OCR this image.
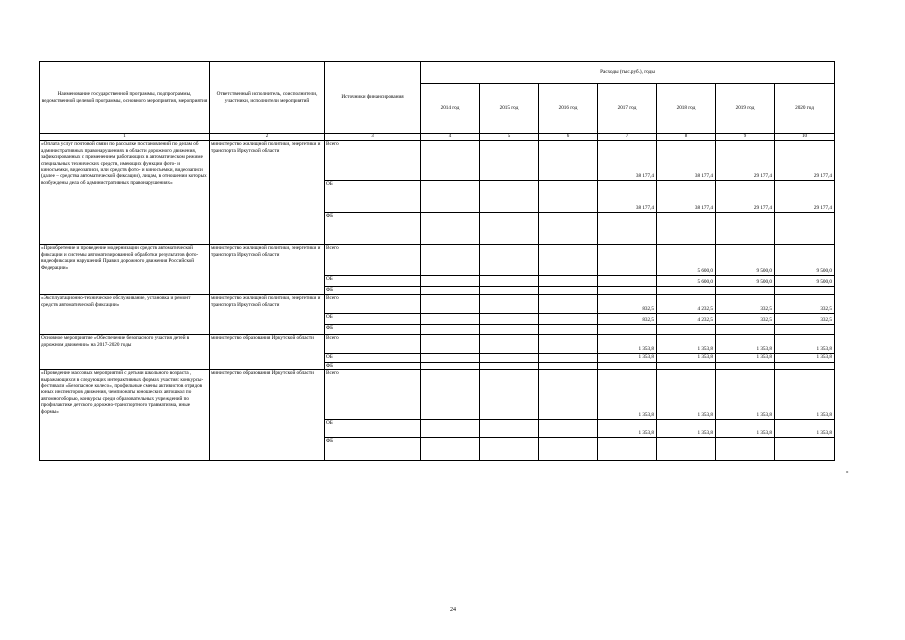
Наименование государственной программы, подпрограммы, ведомственной целевой программы, основного мероприятия, мероприятия	Ответственный исполнитель, соисполнители, участники, исполнители мероприятий	Источники финансирования	Расходы (тыс.руб.), годы						
			2014 год	2015 год	2016 год	2017 год	2018 год	2019 год	2020 год
1	2	3	4	5	6	7	8	9	10
«Оплата услуг почтовой связи по рассылке постановлений по делам об административных правонарушениях в области дорожного движения, зафиксированных с применением работающих в автоматическом режиме специальных технических средств, имеющих функции фото- и киносъемки, видеозаписи, или средств фото- и киносъемки, видеозаписи (далее – средства автоматической фиксации), лицам, в отношении которых возбуждены дела об административных правонарушениях»	министерство жилищной политики, энергетики и транспорта Иркутской области	Всего				38 177,4	38 177,4	29 177,4	29 177,4
		ОБ				38 177,4	38 177,4	29 177,4	29 177,4
		ФБ							
«Приобретение и проведение модернизации средств автоматической фиксации и системы автоматизированной обработки результатов фото-видеофиксации нарушений Правил дорожного движения Российской Федерации»	министерство жилищной политики, энергетики и транспорта Иркутской области	Всего					5 600,0	9 500,0	9 500,0
		ОБ					5 600,0	9 500,0	9 500,0
		ФБ							
«Эксплуатационно-техническое обслуживание, установка и ремонт средств автоматической фиксации»	министерство жилищной политики, энергетики и транспорта Иркутской области	Всего				832,5	4 232,5	332,5	332,5
		ОБ				832,5	4 232,5	332,5	332,5
		ФБ							
Основное мероприятие «Обеспечение безопасного участия детей в дорожном движении» на 2017-2020 годы	министерство образования Иркутской области	Всего				1 353,8	1 353,8	1 353,8	1 353,8
		ОБ				1 353,8	1 353,8	1 353,8	1 353,8
		ФБ							
«Проведение массовых мероприятий с детьми школьного возраста , выражающихся в следующих интерактивных формах участия: конкурсы-фестивали «Безопасное колесо», профильные смены активистов отрядов юных инспекторов движения, чемпионаты юношеских автошкол по автомногоборью, конкурсы среди образовательных учреждений по профилактике детского дорожно-транспортного травматизма, иные формы»	министерство образования Иркутской области	Всего				1 353,8	1 353,8	1 353,8	1 353,8
		ОБ				1 353,8	1 353,8	1 353,8	1 353,8
		ФБ							
»
24
